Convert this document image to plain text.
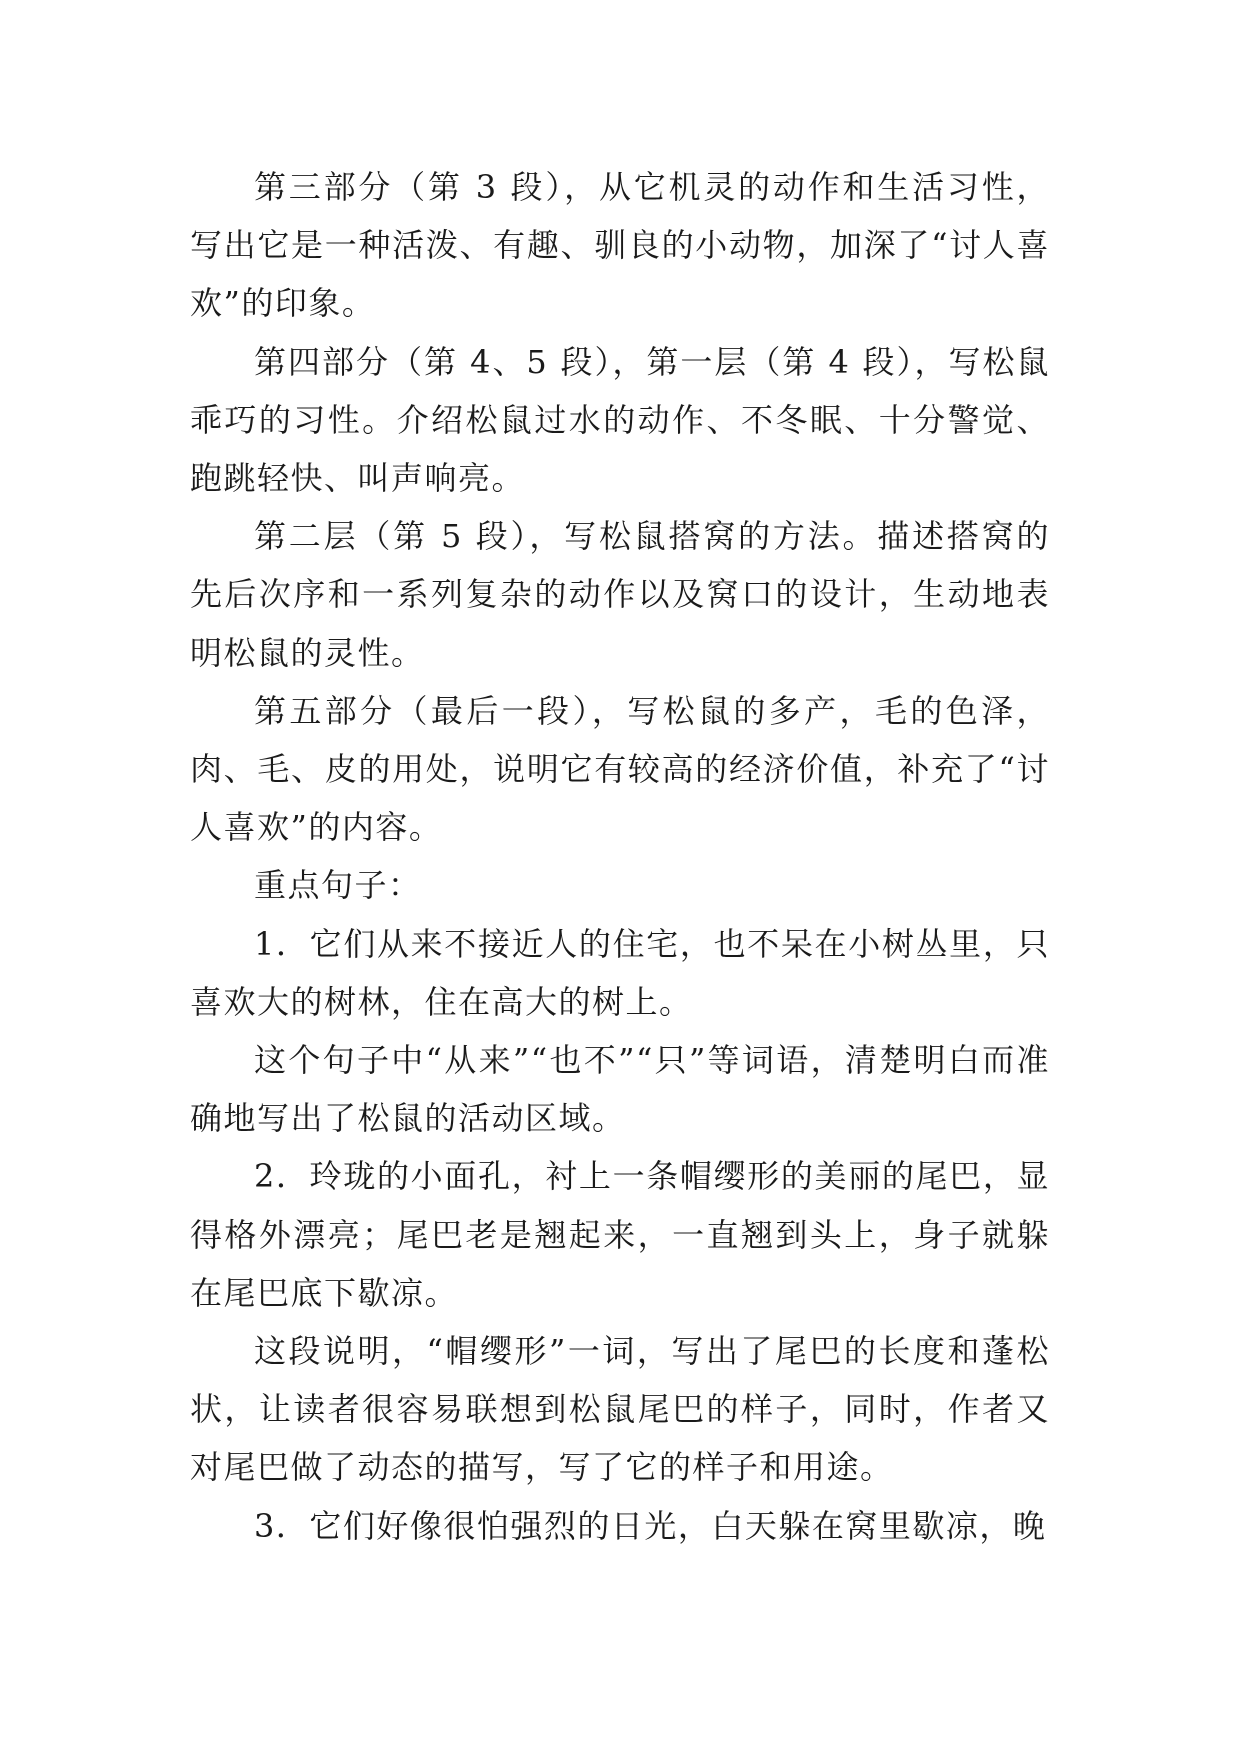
第三部分（第 3 段），从它机灵的动作和生活习性，写出它是一种活泼、有趣、驯良的小动物，加深了“讨人喜欢”的印象。

第四部分（第 4、5 段），第一层（第 4 段），写松鼠乖巧的习性。介绍松鼠过水的动作、不冬眠、十分警觉、跑跳轻快、叫声响亮。

第二层（第 5 段），写松鼠搭窝的方法。描述搭窝的先后次序和一系列复杂的动作以及窝口的设计，生动地表明松鼠的灵性。

第五部分（最后一段），写松鼠的多产，毛的色泽，肉、毛、皮的用处，说明它有较高的经济价值，补充了“讨人喜欢”的内容。

重点句子：

1．它们从来不接近人的住宅，也不呆在小树丛里，只喜欢大的树林，住在高大的树上。

这个句子中“从来”“也不”“只”等词语，清楚明白而准确地写出了松鼠的活动区域。

2．玲珑的小面孔，衬上一条帽缨形的美丽的尾巴，显得格外漂亮；尾巴老是翘起来，一直翘到头上，身子就躲在尾巴底下歇凉。

这段说明，“帽缨形”一词，写出了尾巴的长度和蓬松状，让读者很容易联想到松鼠尾巴的样子，同时，作者又对尾巴做了动态的描写，写了它的样子和用途。

3．它们好像很怕强烈的日光，白天躲在窝里歇凉，晚
